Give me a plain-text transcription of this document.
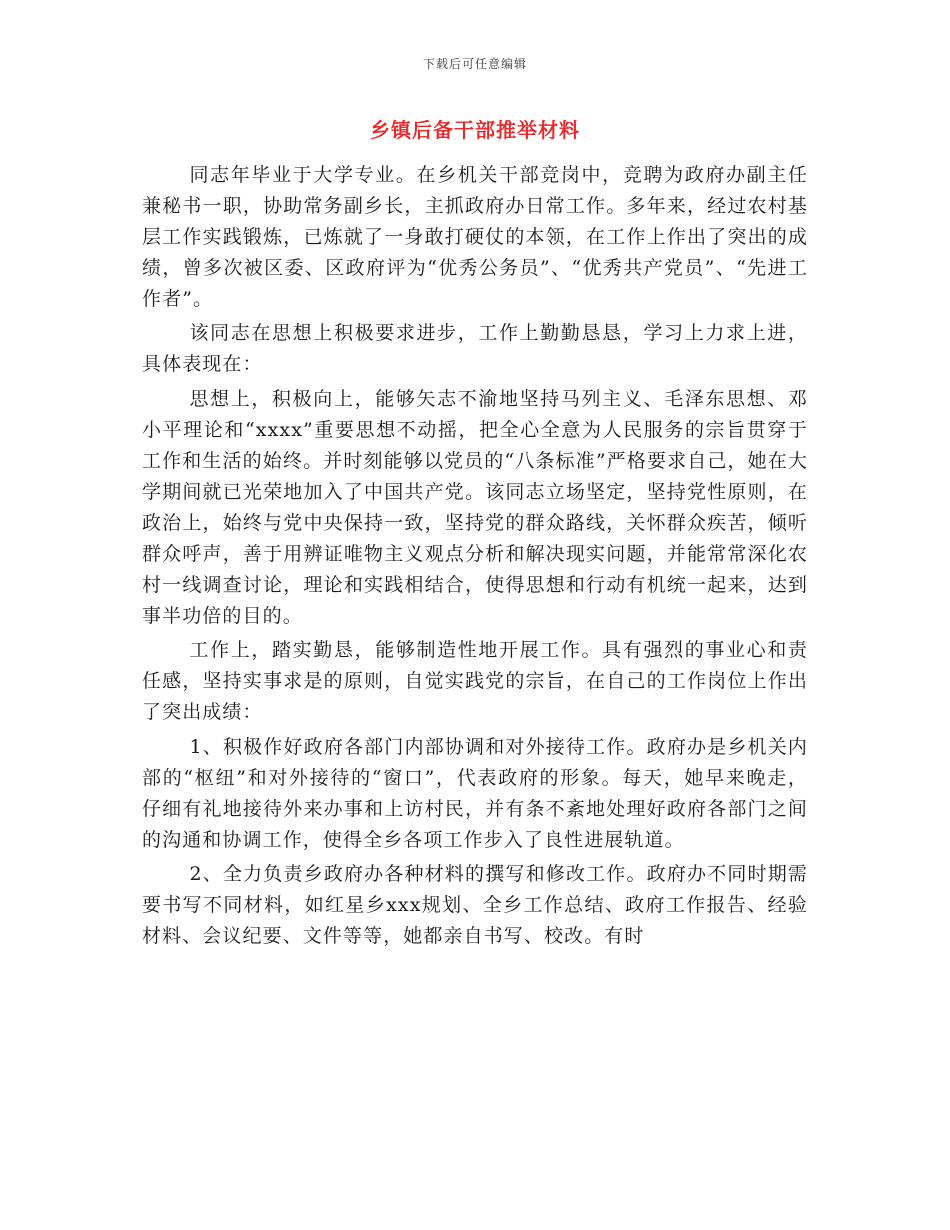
下载后可任意编辑
乡镇后备干部推举材料

同志年毕业于大学专业。在乡机关干部竞岗中，竞聘为政府办副主任兼秘书一职，协助常务副乡长，主抓政府办日常工作。多年来，经过农村基层工作实践锻炼，已炼就了一身敢打硬仗的本领，在工作上作出了突出的成绩，曾多次被区委、区政府评为“优秀公务员”、“优秀共产党员”、“先进工作者”。

该同志在思想上积极要求进步，工作上勤勤恳恳，学习上力求上进，具体表现在：

思想上，积极向上，能够矢志不渝地坚持马列主义、毛泽东思想、邓小平理论和“xxxx”重要思想不动摇，把全心全意为人民服务的宗旨贯穿于工作和生活的始终。并时刻能够以党员的“八条标准”严格要求自己，她在大学期间就已光荣地加入了中国共产党。该同志立场坚定，坚持党性原则，在政治上，始终与党中央保持一致，坚持党的群众路线，关怀群众疾苦，倾听群众呼声，善于用辨证唯物主义观点分析和解决现实问题，并能常常深化农村一线调查讨论，理论和实践相结合，使得思想和行动有机统一起来，达到事半功倍的目的。

工作上，踏实勤恳，能够制造性地开展工作。具有强烈的事业心和责任感，坚持实事求是的原则，自觉实践党的宗旨，在自己的工作岗位上作出了突出成绩：

1、积极作好政府各部门内部协调和对外接待工作。政府办是乡机关内部的“枢纽”和对外接待的“窗口”，代表政府的形象。每天，她早来晚走，仔细有礼地接待外来办事和上访村民，并有条不紊地处理好政府各部门之间的沟通和协调工作，使得全乡各项工作步入了良性进展轨道。

2、全力负责乡政府办各种材料的撰写和修改工作。政府办不同时期需要书写不同材料，如红星乡xxx规划、全乡工作总结、政府工作报告、经验材料、会议纪要、文件等等，她都亲自书写、校改。有时
